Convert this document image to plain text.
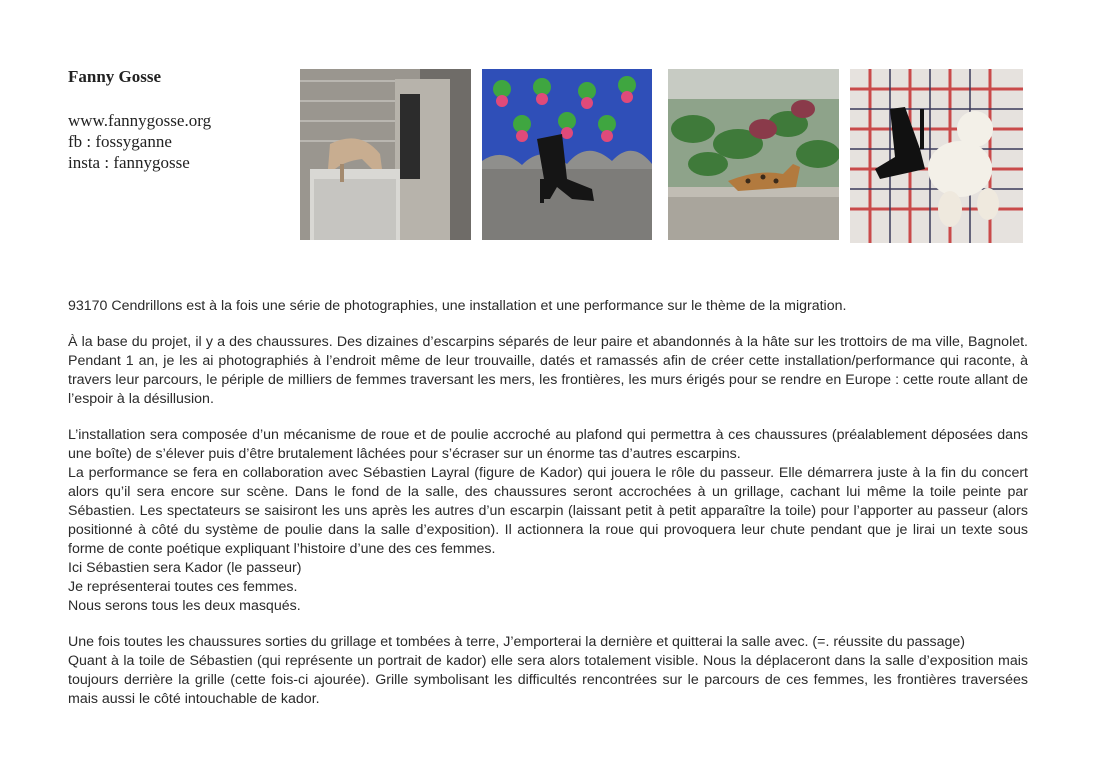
Fanny Gosse
www.fannygosse.org
fb : fossyganne
insta : fannygosse

93170 Cendrillons est à la fois une série de photographies, une installation et une performance sur le thème de la migration.

À la base du projet, il y a des chaussures. Des dizaines d’escarpins séparés de leur paire et abandonnés à la hâte sur les trottoirs de ma ville, Bagnolet. Pendant 1 an, je les ai photographiés à l’endroit même de leur trouvaille, datés et ramassés afin de créer cette installation/performance qui raconte, à travers leur parcours, le périple de milliers de femmes traversant les mers, les frontières, les murs érigés pour se rendre en Europe : cette route allant de l’espoir à la désillusion.

L’installation sera composée d’un mécanisme de roue et de poulie accroché au plafond qui permettra à ces chaussures (préalablement déposées dans une boîte) de s’élever puis d’être brutalement lâchées pour s’écraser sur un énorme tas d’autres escarpins.

La performance se fera en collaboration avec Sébastien Layral (figure de Kador) qui jouera le rôle du passeur. Elle démarrera juste à la fin du concert alors qu’il sera encore sur scène. Dans le fond de la salle, des chaussures seront accrochées à un grillage, cachant lui même la toile peinte par Sébastien. Les spectateurs se saisiront les uns après les autres d’un escarpin (laissant petit à petit apparaître la toile) pour l’apporter au passeur (alors positionné à côté du système de poulie dans la salle d’exposition). Il actionnera la roue qui provoquera leur chute pendant que je lirai un texte sous forme de conte poétique expliquant l’histoire d’une des ces femmes.

Ici Sébastien sera Kador (le passeur)
Je représenterai toutes ces femmes.
Nous serons tous les deux masqués.

Une fois toutes les chaussures sorties du grillage et tombées à terre, J’emporterai la dernière et quitterai la salle avec. (=. réussite du passage)

Quant à la toile de Sébastien (qui représente un portrait de kador) elle sera alors totalement visible. Nous la déplaceront dans la salle d’exposition mais toujours derrière la grille (cette fois-ci ajourée). Grille symbolisant les difficultés rencontrées sur le parcours de ces femmes, les frontières traversées mais aussi le côté intouchable de kador.
